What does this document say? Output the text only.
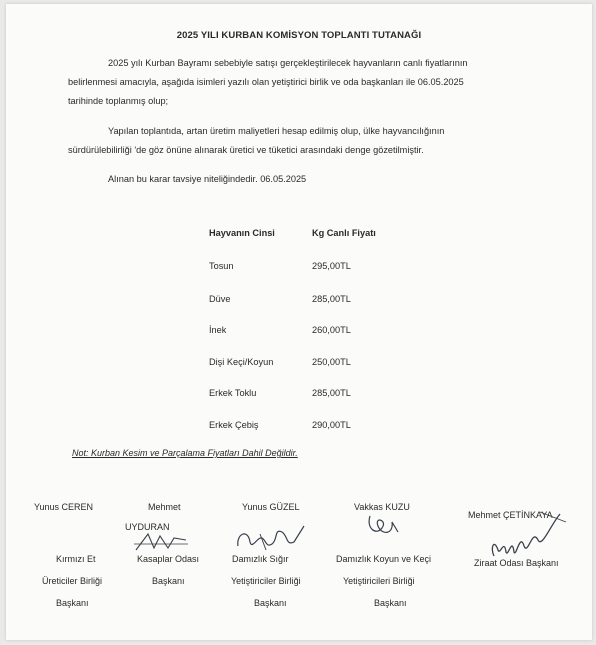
2025 YILI KURBAN KOMİSYON TOPLANTI TUTANAĞI
2025 yılı Kurban Bayramı sebebiyle satışı gerçekleştirilecek hayvanların canlı fiyatlarının
belirlenmesi amacıyla, aşağıda isimleri yazılı olan yetiştirici birlik ve oda başkanları ile 06.05.2025
tarihinde toplanmış olup;
Yapılan toplantıda, artan üretim maliyetleri hesap edilmiş olup, ülke hayvancılığının
sürdürülebilirliği 'de göz önüne alınarak üretici ve tüketici arasındaki denge gözetilmiştir.
Alınan bu karar tavsiye niteliğindedir. 06.05.2025
Hayvanın Cinsi	Kg Canlı Fiyatı
Tosun	295,00TL
Düve	285,00TL
İnek	260,00TL
Dişi Keçi/Koyun	250,00TL
Erkek Toklu	285,00TL
Erkek Çebiş	290,00TL
Not: Kurban Kesim ve Parçalama Fiyatları Dahil Değildir.
Yunus CEREN
Kırmızı Et
Üreticiler Birliği
Başkanı
Mehmet
UYDURAN
Kasaplar Odası
Başkanı
Yunus GÜZEL
Damızlık Sığır
Yetiştiriciler Birliği
Başkanı
Vakkas KUZU
Damızlık Koyun ve Keçi
Yetiştiricileri Birliği
Başkanı
Mehmet ÇETİNKAYA
Ziraat Odası Başkanı
